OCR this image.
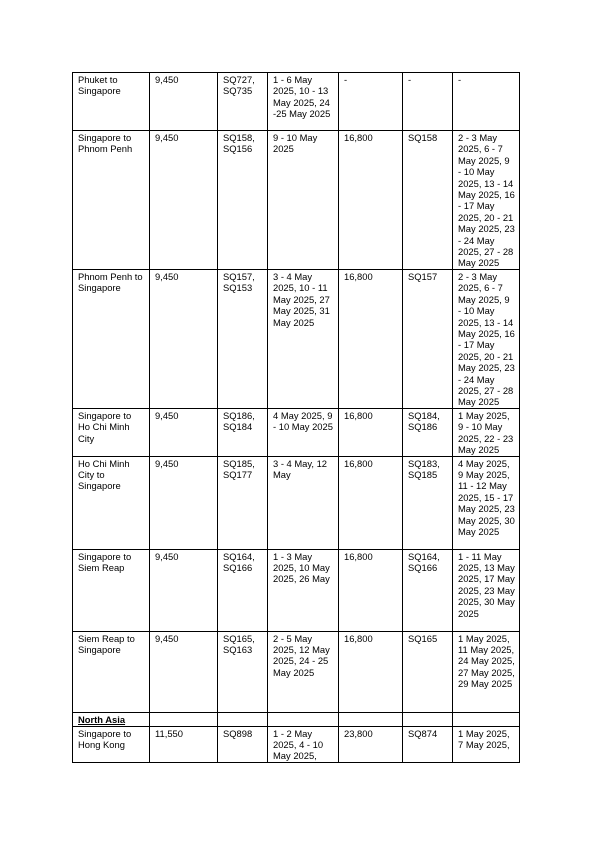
Phuket to Singapore	9,450	SQ727, SQ735	1 - 6 May 2025, 10 - 13 May 2025, 24 -25 May 2025	-	-	-
Singapore to Phnom Penh	9,450	SQ158, SQ156	9 - 10 May 2025	16,800	SQ158	2 - 3 May 2025, 6 - 7 May 2025, 9 - 10 May 2025, 13 - 14 May 2025, 16 - 17 May 2025, 20 - 21 May 2025, 23 - 24 May 2025, 27 - 28 May 2025
Phnom Penh to Singapore	9,450	SQ157, SQ153	3 - 4 May 2025, 10 - 11 May 2025, 27 May 2025, 31 May 2025	16,800	SQ157	2 - 3 May 2025, 6 - 7 May 2025, 9 - 10 May 2025, 13 - 14 May 2025, 16 - 17 May 2025, 20 - 21 May 2025, 23 - 24 May 2025, 27 - 28 May 2025
Singapore to Ho Chi Minh City	9,450	SQ186, SQ184	4 May 2025, 9 - 10 May 2025	16,800	SQ184, SQ186	1 May 2025, 9 - 10 May 2025, 22 - 23 May 2025
Ho Chi Minh City to Singapore	9,450	SQ185, SQ177	3 - 4 May, 12 May	16,800	SQ183, SQ185	4 May 2025, 9 May 2025, 11 - 12 May 2025, 15 - 17 May 2025, 23 May 2025, 30 May 2025
Singapore to Siem Reap	9,450	SQ164, SQ166	1 - 3 May 2025, 10 May 2025, 26 May	16,800	SQ164, SQ166	1 - 11 May 2025, 13 May 2025, 17 May 2025, 23 May 2025, 30 May 2025
Siem Reap to Singapore	9,450	SQ165, SQ163	2 - 5 May 2025, 12 May 2025, 24 - 25 May 2025	16,800	SQ165	1 May 2025, 11 May 2025, 24 May 2025, 27 May 2025, 29 May 2025
North Asia						
Singapore to Hong Kong	11,550	SQ898	1 - 2 May 2025, 4 - 10 May 2025,	23,800	SQ874	1 May 2025, 7 May 2025,
